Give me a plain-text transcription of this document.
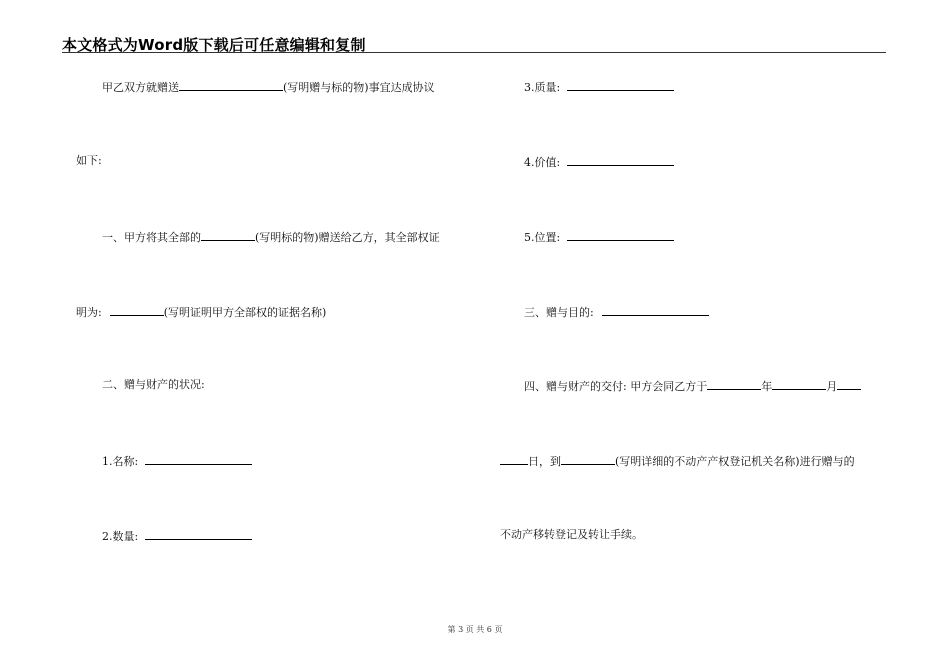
本文格式为Word版下载后可任意编辑和复制
甲乙双方就赠送	(写明赠与标的物)事宜达成协议
如下:
一、甲方将其全部的	(写明标的物)赠送给乙方，其全部权证
明为:	(写明证明甲方全部权的证据名称)
二、赠与财产的状况:
1.名称:
2.数量:
3.质量:
4.价值:
5.位置:
三、赠与目的:
四、赠与财产的交付: 甲方会同乙方于	年	月
日，到	(写明详细的不动产产权登记机关名称)进行赠与的
不动产移转登记及转让手续。
第 3 页 共 6 页
